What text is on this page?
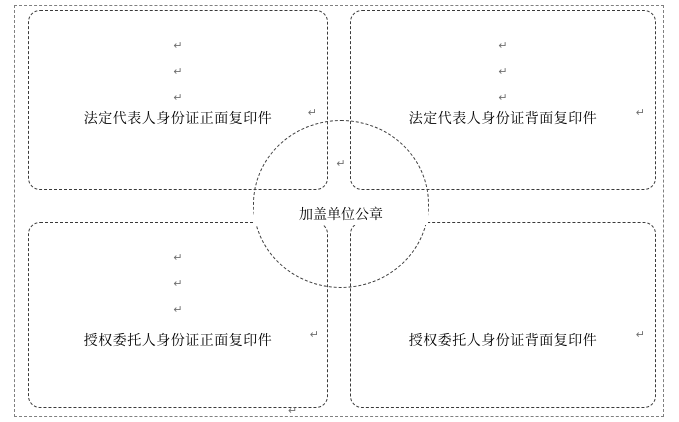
↵
↵
↵
法定代表人身份证正面复印件	↵
↵
↵
↵
法定代表人身份证背面复印件	↵
↵
↵
↵
授权委托人身份证正面复印件	↵	授权委托人身份证背面复印件	↵
↵
加盖单位公章
↵
